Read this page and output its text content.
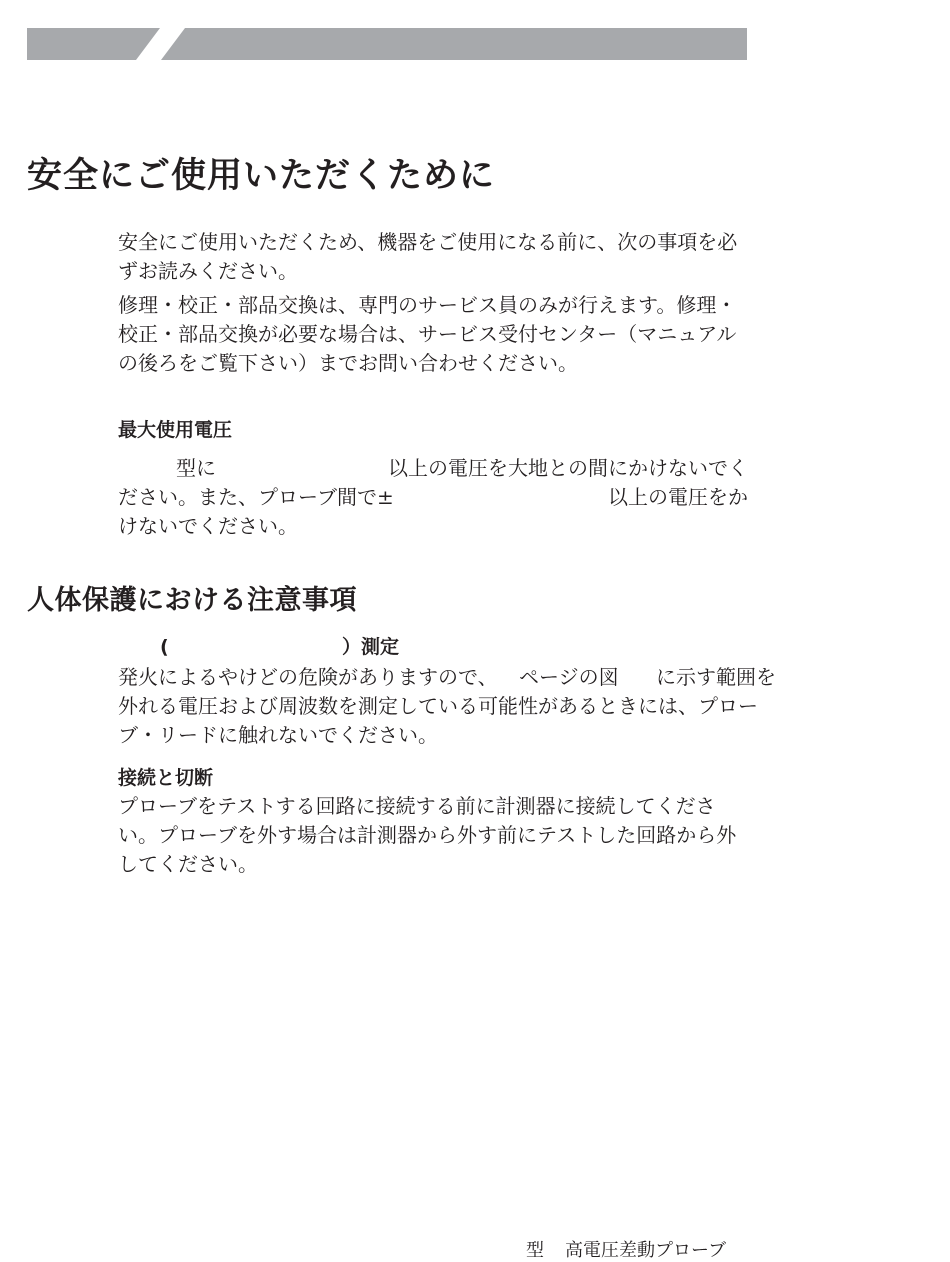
安全にご使用いただくために

安全にご使用いただくため、機器をご使用になる前に、次の事項を必ずお読みください。

修理・校正・部品交換は、専門のサービス員のみが行えます。修理・校正・部品交換が必要な場合は、サービス受付センター（マニュアルの後ろをご覧下さい）までお問い合わせください。

最大使用電圧
型に	以上の電圧を大地との間にかけないでく
ださい。また、プローブ間で±	以上の電圧をか
けないでください。
人体保護における注意事項
(	）測定
発火によるやけどの危険がありますので、 ページの図 に示す範囲を
外れる電圧および周波数を測定している可能性があるときには、プロー
ブ・リードに触れないでください。
接続と切断

プローブをテストする回路に接続する前に計測器に接続してください。プローブを外す場合は計測器から外す前にテストした回路から外してください。

型 高電圧差動プローブ
